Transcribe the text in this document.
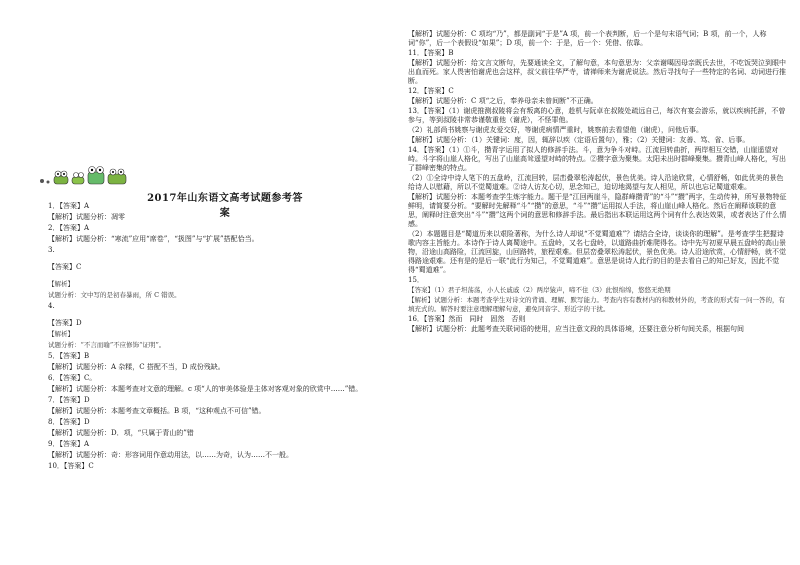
2017年山东语文高考试题参考答案
1．【答案】A
【解析】试题分析：凋零
2．【答案】A
【解析】试题分析：“寒流”应用“席卷”，“扱图”与“扩展”搭配恰当。
3.
【答案】C
【解析】
试题分析：文中写的是初春暴雨，所 C 错误。
4.
【答案】D
【解析】
试题分析：“不言而喻”不应修饰“证明”。
5．【答案】B
【解析】试题分析：A 杂糅，C 搭配不当，D 成份残缺。
6．【答案】C。
【解析】试题分析：本题考查对文意的理解。c 项“人的审美体验是主体对客观对象的欣赏中……”错。
7．【答案】D
【解析】试题分析：本题考查文章概括。B 项，“这种观点不可信”错。
8．【答案】D
【解析】试题分析：D．项，“只属于青山的”错
9．【答案】A
【解析】试题分析：奇：形容词用作意动用法，以……为奇，认为……不一般。
10．【答案】C
【解析】试题分析：C 项均“乃”，都是副词“于是”A 项，前一个表判断，后一个是句末语气词；B 项，前一个，人称词“你”，后一个表假设“如果”；D 项，前一个：于是，后一个：凭借、依靠。
11．【答案】B
【解析】试题分析：给文言文断句，先要通读全文，了解句意，本句意思为：父亲谢噶因母亲既氏去世，不吃饭哭泣到眼中出血而死。家人畏害怕谢虎也会这样，叔父前往华严寺，请禅师来为谢虎说法。然后寻找句子一些特定的名词、动词进行推断。
12．【答案】C
【解析】试题分析：C 项“之后，奉养母亲未曾间断”不正确。
13．【答案】（1）谢虎推测叔陵将会有叛离的心意，趁机与阮卓在叔陵处疏远自己，每次有宴会游乐，就以疾病托辞，不曾参与，等到叔陵非常恭谨敬重他（谢虎），不怪罪他。
（2）礼部尚书姚察与谢虎友爱交好，等谢虎病情严重时，姚察前去看望他（谢虎），问他后事。
【解析】试题分析：（1）关键词：度，因，辄辞以疾（定语后置句），雅；（2）关键词：友善、笃、省、后事。
14．【答案】（1）①斗，攒青字运用了拟人的修辞手法。斗，意为争斗对峙。江流回转曲折，两岸相互交错，山崖遥望对峙。斗字将山崖人格化，写出了山崖高耸遥望对峙的特点。②攒字意为聚集。太阳未出时群峰聚集。攒青山峰人格化，写出了群峰密集的特点。
（2）①全诗中诗人笔下的五盘岭，江流回转，层峦叠翠松涛起伏，景色优美。诗人沿途欣赏，心情舒畅，如此优美的景色给诗人以慰藉，所以不觉蜀道难。②诗人访友心切，思念知己，迫切地渴望与友人相见，所以也忘记蜀道艰难。
【解析】试题分析：本题考查学生炼字能力。题干是“江回两崖斗，隐群峰攒青”的“斗”“攒”两字，生动传神，所写景物特征鲜明，请简要分析。“要解时先解释“斗”“攒”的意思，“斗”“攒”运用拟人手法，将山崖山峰人格化。然后在阐释该联的意思，阐释时注意突出“斗”“攒”这两个词的意思和修辞手法。最后指出本联运用这两个词有什么表达效果，或者表达了什么情感。
（2）本题题目是“蜀道历来以艰险著称，为什么诗人却说“不觉蜀道难”？请结合全诗，谈谈你的理解”。是考查学生把握诗歌内容主旨能力。本诗作于诗人离蜀途中。五盘岭，又名七盘岭，以道路曲折难爬得名。诗中先写初夏早晨五盘岭的高山景物，沿途山高路险，江流回旋，山回路转，旅程艰难。但层峦叠翠松涛起伏，景色优美。诗人沿途欣赏，心情舒畅，就不觉得路途艰难。还有是的是后一联“此行为知己，不觉蜀道难”。意思是说诗人此行的目的是去看自己的知己好友，因此不觉得“蜀道难”。
15．
【答案】（1）君子坦荡荡，小人长戚戚（2）两岸猿声，啼不住（3）此恨绵绵，悠悠无绝期
【解析】试题分析：本题考查学生对诗文的背诵、理解、默写能力。考查内容有教材内的和教材外的，考查的形式有一问一答的，有填充式的。解答时要注意理解理解句意，避免同音字、形近字的干扰。
16．【答案】然而　同时　固然　否则
【解析】试题分析：此题考查关联词语的使用，应当注意文段的具体语境，还要注意分析句间关系，根据句间
